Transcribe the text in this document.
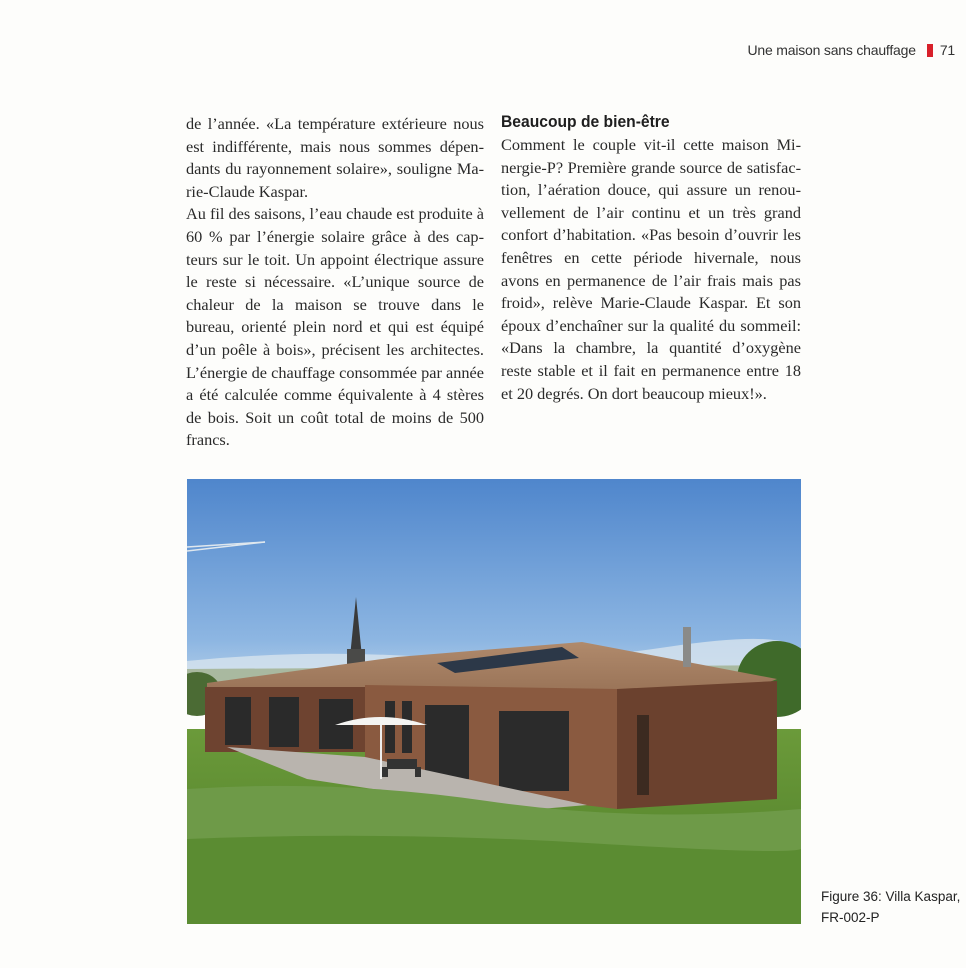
Une maison sans chauffage 71

de l’année. «La température extérieure nous est indifférente, mais nous sommes dépendants du rayonnement solaire», souligne Marie-Claude Kaspar.

Au fil des saisons, l’eau chaude est produite à 60 % par l’énergie solaire grâce à des capteurs sur le toit. Un appoint électrique assure le reste si nécessaire. «L’unique source de chaleur de la maison se trouve dans le bureau, orienté plein nord et qui est équipé d’un poêle à bois», précisent les architectes. L’énergie de chauffage consommée par année a été calculée comme équivalente à 4 stères de bois. Soit un coût total de moins de 500 francs.

Beaucoup de bien-être

Comment le couple vit-il cette maison Minergie-P? Première grande source de satisfaction, l’aération douce, qui assure un renouvellement de l’air continu et un très grand confort d’habitation. «Pas besoin d’ouvrir les fenêtres en cette période hivernale, nous avons en permanence de l’air frais mais pas froid», relève Marie-Claude Kaspar. Et son époux d’enchaîner sur la qualité du sommeil: «Dans la chambre, la quantité d’oxygène reste stable et il fait en permanence entre 18 et 20 degrés. On dort beaucoup mieux!».

Figure 36: Villa Kaspar,
FR-002-P
